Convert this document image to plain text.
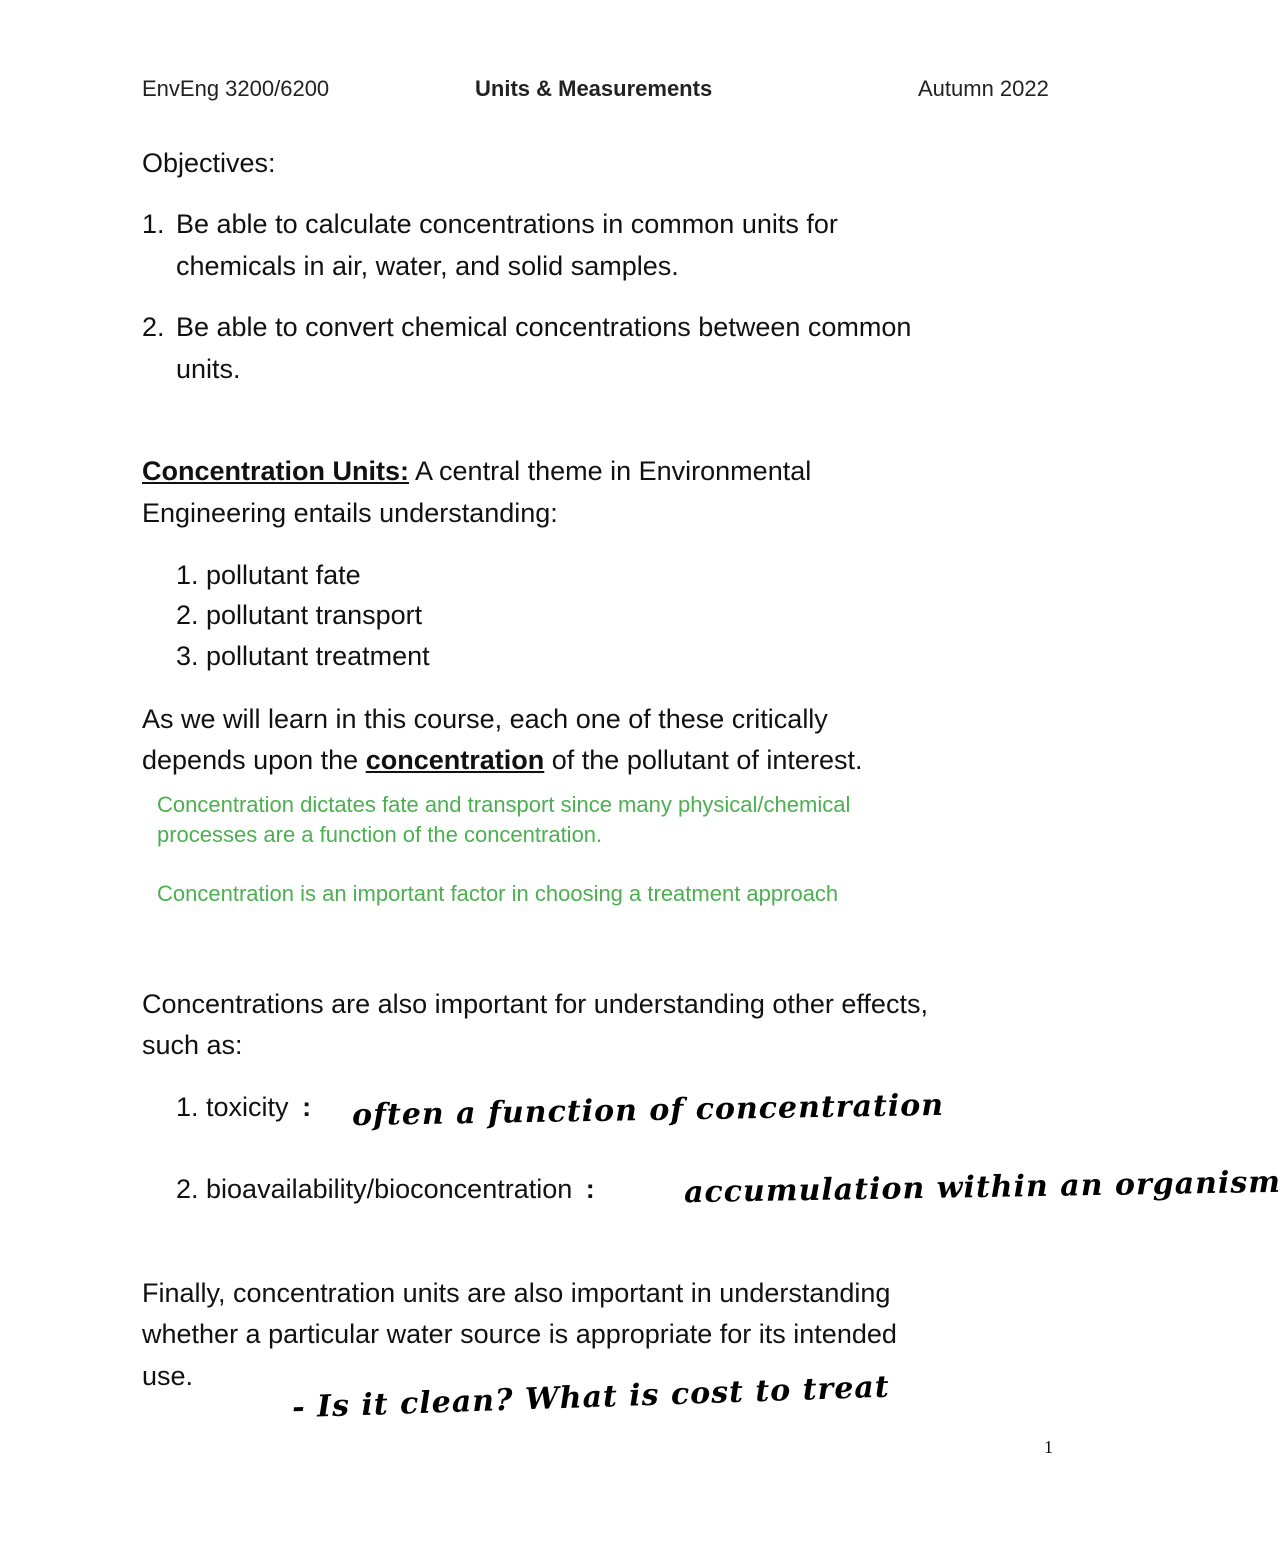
EnvEng 3200/6200	Units & Measurements	Autumn 2022
Objectives:
1. Be able to calculate concentrations in common units for
chemicals in air, water, and solid samples.
2. Be able to convert chemical concentrations between common
units.
Concentration Units: A central theme in Environmental
Engineering entails understanding:
1. pollutant fate
2. pollutant transport
3. pollutant treatment
As we will learn in this course, each one of these critically
depends upon the concentration of the pollutant of interest.
Concentration dictates fate and transport since many physical/chemical
processes are a function of the concentration.
Concentration is an important factor in choosing a treatment approach
Concentrations are also important for understanding other effects,
such as:
1. toxicity : often a function of concentration
2. bioavailability/bioconcentration :	accumulation within an organism
Finally, concentration units are also important in understanding
whether a particular water source is appropriate for its intended
use.	- Is it clean? What is cost to treat
1
